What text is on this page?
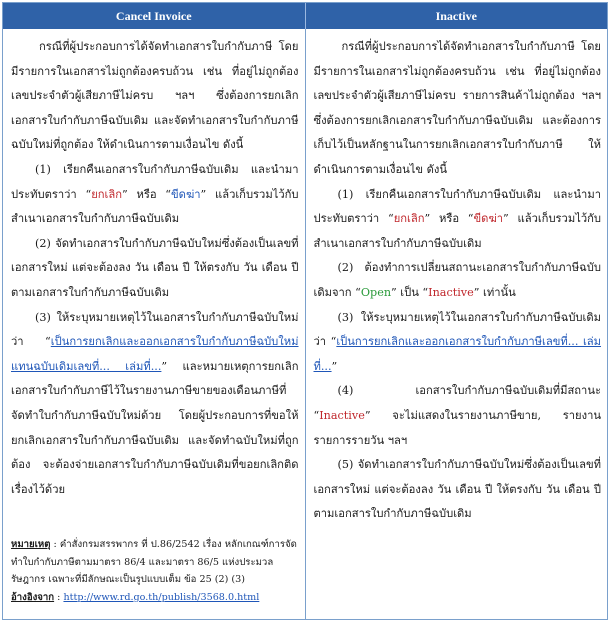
Cancel Invoice	Inactive

กรณีที่ผู้ประกอบการได้จัดทำเอกสารใบกำกับภาษี โดยมีรายการในเอกสารไม่ถูกต้องครบถ้วน เช่น ที่อยู่ไม่ถูกต้อง เลขประจำตัวผู้เสียภาษีไม่ครบ ฯลฯ ซึ่งต้องการยกเลิกเอกสารใบกำกับภาษีฉบับเดิม และจัดทำเอกสารใบกำกับภาษีฉบับใหม่ที่ถูกต้อง ให้ดำเนินการตามเงื่อนไข ดังนี้

(1) เรียกคืนเอกสารใบกำกับภาษีฉบับเดิม และนำมาประทับตราว่า “ยกเลิก” หรือ “ขีดฆ่า” แล้วเก็บรวมไว้กับสำเนาเอกสารใบกำกับภาษีฉบับเดิม

(2) จัดทำเอกสารใบกำกับภาษีฉบับใหม่ซึ่งต้องเป็นเลขที่เอกสารใหม่ แต่จะต้องลง วัน เดือน ปี ให้ตรงกับ วัน เดือน ปี ตามเอกสารใบกำกับภาษีฉบับเดิม

(3) ให้ระบุหมายเหตุไว้ในเอกสารใบกำกับภาษีฉบับใหม่ว่า “เป็นการยกเลิกและออกเอกสารใบกำกับภาษีฉบับใหม่แทนฉบับเดิมเลขที่... เล่มที่...” และหมายเหตุการยกเลิกเอกสารใบกำกับภาษีไว้ในรายงานภาษีขายของเดือนภาษีที่จัดทำใบกำกับภาษีฉบับใหม่ด้วย โดยผู้ประกอบการที่ขอให้ยกเลิกเอกสารใบกำกับภาษีฉบับเดิม และจัดทำฉบับใหม่ที่ถูกต้อง จะต้องจ่ายเอกสารใบกำกับภาษีฉบับเดิมที่ขอยกเลิกติดเรื่องไว้ด้วย

หมายเหตุ : คำสั่งกรมสรรพากร ที่ ป.86/2542 เรื่อง หลักเกณฑ์การจัดทำใบกำกับภาษีตามมาตรา 86/4 และมาตรา 86/5 แห่งประมวลรัษฎากร เฉพาะที่มีลักษณะเป็นรูปแบบเต็ม ข้อ 25 (2) (3)
อ้างอิงจาก : http://www.rd.go.th/publish/3568.0.html

กรณีที่ผู้ประกอบการได้จัดทำเอกสารใบกำกับภาษี โดยมีรายการในเอกสารไม่ถูกต้องครบถ้วน เช่น ที่อยู่ไม่ถูกต้อง เลขประจำตัวผู้เสียภาษีไม่ครบ รายการสินค้าไม่ถูกต้อง ฯลฯ ซึ่งต้องการยกเลิกเอกสารใบกำกับภาษีฉบับเดิม และต้องการเก็บไว้เป็นหลักฐานในการยกเลิกเอกสารใบกำกับภาษี ให้ดำเนินการตามเงื่อนไข ดังนี้

(1) เรียกคืนเอกสารใบกำกับภาษีฉบับเดิม และนำมาประทับตราว่า “ยกเลิก” หรือ “ขีดฆ่า” แล้วเก็บรวมไว้กับสำเนาเอกสารใบกำกับภาษีฉบับเดิม

(2) ต้องทำการเปลี่ยนสถานะเอกสารใบกำกับภาษีฉบับเดิมจาก “Open” เป็น “Inactive” เท่านั้น

(3) ให้ระบุหมายเหตุไว้ในเอกสารใบกำกับภาษีฉบับเดิมว่า “เป็นการยกเลิกและออกเอกสารใบกำกับภาษีเลขที่... เล่มที่...”

(4) เอกสารใบกำกับภาษีฉบับเดิมที่มีสถานะ “Inactive” จะไม่แสดงในรายงานภาษีขาย, รายงานรายการรายวัน ฯลฯ

(5) จัดทำเอกสารใบกำกับภาษีฉบับใหม่ซึ่งต้องเป็นเลขที่เอกสารใหม่ แต่จะต้องลง วัน เดือน ปี ให้ตรงกับ วัน เดือน ปี ตามเอกสารใบกำกับภาษีฉบับเดิม
